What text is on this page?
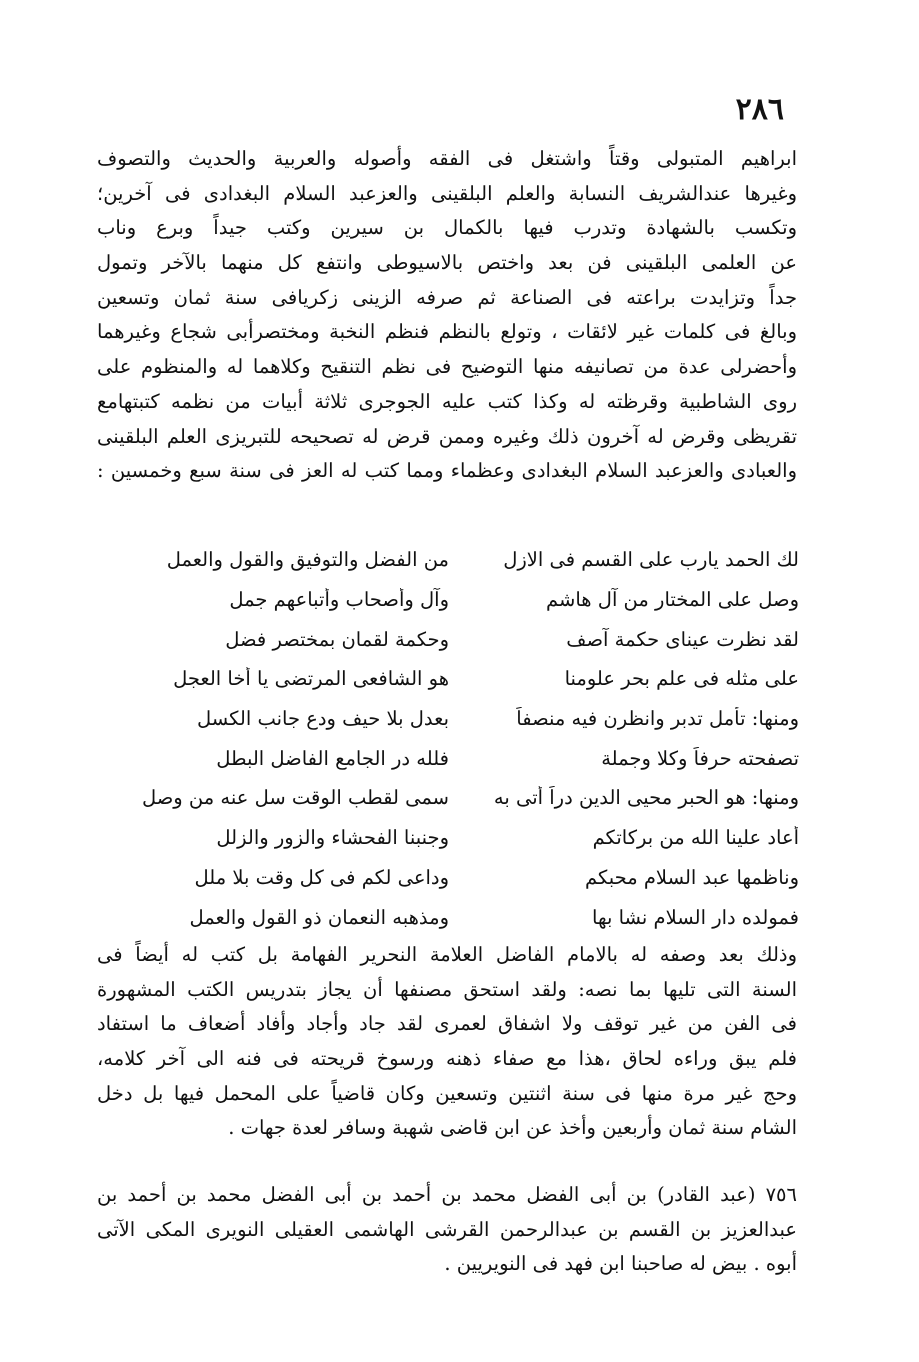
٢٨٦
ابراهيم المتبولى وقتاً واشتغل فى الفقه وأصوله والعربية والحديث والتصوف
وغيرها عندالشريف النسابة والعلم البلقينى والعزعبد السلام البغدادى فى آخرين؛
وتكسب بالشهادة وتدرب فيها بالكمال بن سيرين وكتب جيداً وبرع وناب
عن العلمى البلقينى فن بعد واختص بالاسيوطى وانتفع كل منهما بالآخر وتمول
جداً وتزايدت براعته فى الصناعة ثم صرفه الزينى زكريافى سنة ثمان وتسعين
وبالغ فى كلمات غير لائقات ، وتولع بالنظم فنظم النخبة ومختصرأبى شجاع وغيرهما
وأحضرلى عدة من تصانيفه منها التوضيح فى نظم التنقيح وكلاهما له والمنظوم على
روى الشاطبية وقرظته له وكذا كتب عليه الجوجرى ثلاثة أبيات من نظمه كتبتهامع
تقريظى وقرض له آخرون ذلك وغيره وممن قرض له تصحيحه للتبريزى العلم البلقينى
والعبادى والعزعبد السلام البغدادى وعظماء ومما كتب له العز فى سنة سبع وخمسين :
لك الحمد يارب على القسم فى الازل
من الفضل والتوفيق والقول والعمل
وصل على المختار من آل هاشم
وآل وأصحاب وأتباعهم جمل
لقد نظرت عيناى حكمة آصف
وحكمة لقمان بمختصر فضل
على مثله فى علم بحر علومنا
هو الشافعى المرتضى يا أخا العجل
ومنها: تأمل تدبر وانظرن فيه منصفاً
بعدل بلا حيف ودع جانب الكسل
تصفحته حرفاً وكلا وجملة
فلله در الجامع الفاضل البطل
ومنها: هو الحبر محيى الدين دراً أتى به
سمى لقطب الوقت سل عنه من وصل
أعاد علينا الله من بركاتكم
وجنبنا الفحشاء والزور والزلل
وناظمها عبد السلام محبكم
وداعى لكم فى كل وقت بلا ملل
فمولده دار السلام نشا بها
ومذهبه النعمان ذو القول والعمل
وذلك بعد وصفه له بالامام الفاضل العلامة النحرير الفهامة بل كتب له أيضاً فى
السنة التى تليها بما نصه: ولقد استحق مصنفها أن يجاز بتدريس الكتب المشهورة
فى الفن من غير توقف ولا اشفاق لعمرى لقد جاد وأجاد وأفاد أضعاف ما استفاد
فلم يبق وراءه لحاق ،هذا مع صفاء ذهنه ورسوخ قريحته فى فنه الى آخر كلامه،
وحج غير مرة منها فى سنة اثنتين وتسعين وكان قاضياً على المحمل فيها بل دخل
الشام سنة ثمان وأربعين وأخذ عن ابن قاضى شهبة وسافر لعدة جهات .
٧٥٦ (عبد القادر) بن أبى الفضل محمد بن أحمد بن أبى الفضل محمد بن أحمد بن
عبدالعزيز بن القسم بن عبدالرحمن القرشى الهاشمى العقيلى النويرى المكى الآتى
أبوه . بيض له صاحبنا ابن فهد فى النويريين .
